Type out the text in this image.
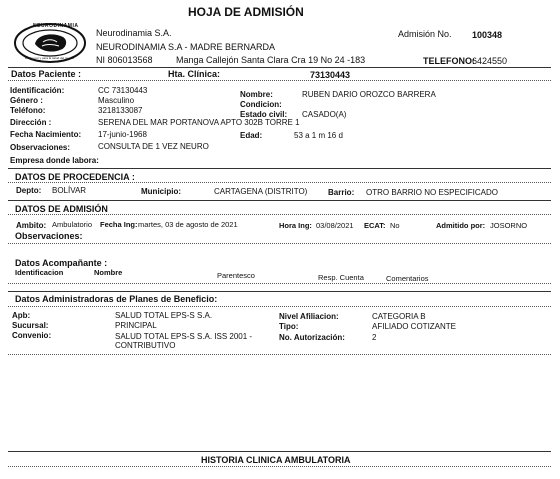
HOJA DE ADMISIÓN
NEURODINAMIA
Hecho por y para la salud del mundo
Neurodinamia S.A.
NEURODINAMIA S.A - MADRE BERNARDA
NI 806013568	Manga Callejón Santa Clara Cra 19 No 24 -183
Admisión No. 100348
TELEFONO:
6424550
Datos Paciente :	Hta. Clínica:	73130443
Identificación:	CC 73130443
Género :	Masculino
Teléfono:	3218133087
Dirección :	SERENA DEL MAR PORTANOVA APTO 302B TORRE 1
Fecha Nacimiento: 17-junio-1968
Observaciones:	CONSULTA DE 1 VEZ NEURO
Empresa donde labora:
Nombre:	RUBEN DARIO OROZCO BARRERA
Condicion:
Estado civil: CASADO(A)
Edad:	53 a 1 m 16 d
DATOS DE PROCEDENCIA :
Depto: BOLÍVAR	Municipio:	CARTAGENA (DISTRITO)	Barrio: OTRO BARRIO NO ESPECIFICADO
DATOS DE ADMISIÓN
Ambito: Ambulatorio Fecha Ing: martes, 03 de agosto de 2021	Hora Ing: 03/08/2021 ECAT: No	Admitido por: JOSORNO
Observaciones:
Datos Acompañante :
Identificacion	Nombre	Parentesco	Resp. Cuenta	Comentarios
Datos Administradoras de Planes de Beneficio:
Apb:	SALUD TOTAL EPS-S S.A.
Sucursal:	PRINCIPAL
Convenio:	SALUD TOTAL EPS-S S.A. ISS 2001 -
CONTRIBUTIVO
Nivel Afiliacion:	CATEGORIA B
Tipo:	AFILIADO COTIZANTE
No. Autorización:	2
HISTORIA CLINICA AMBULATORIA
